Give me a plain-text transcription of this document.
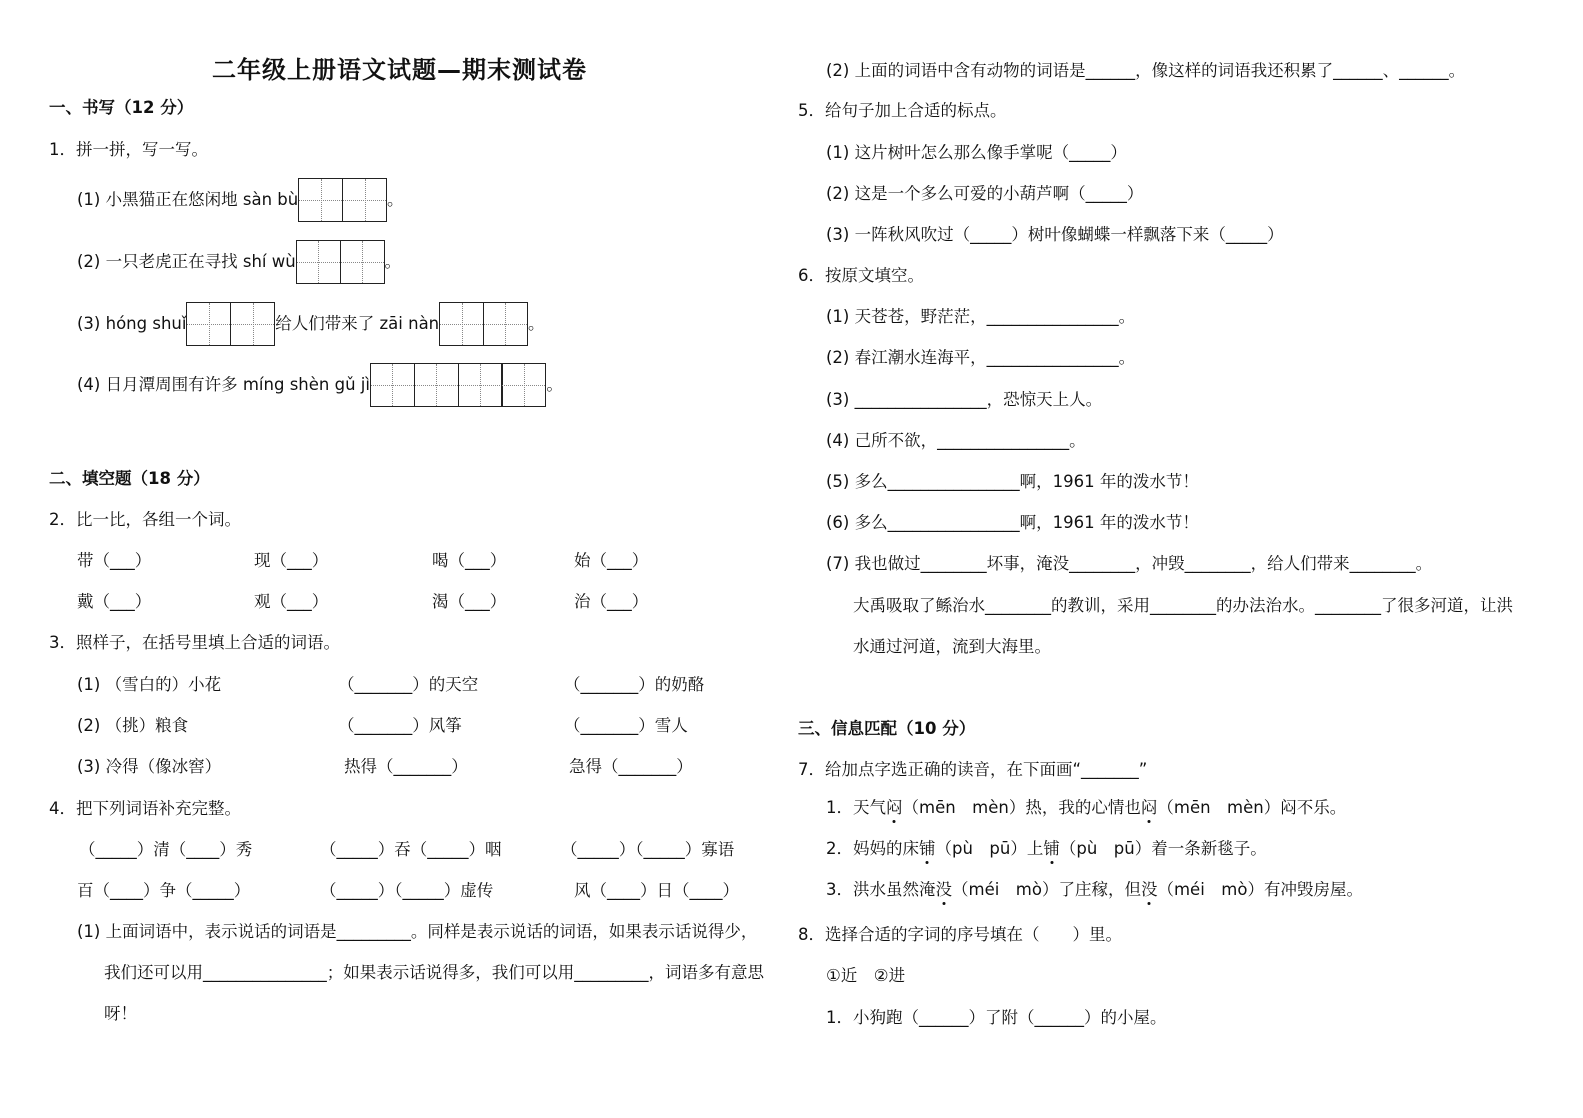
二年级上册语文试题—期末测试卷
一、书写（12 分）
1．拼一拼，写一写。
(1) 小黑猫正在悠闲地 sàn bù	。
(2) 一只老虎正在寻找 shí wù	。
(3) hóng shuǐ	给人们带来了 zāi nàn	。
(4) 日月潭周围有许多 míng shèn gǔ jì	。
二、填空题（18 分）
2．比一比，各组一个词。
带（___）	现（___）	喝（___）	始（___）
戴（___）	观（___）	渴（___）	治（___）
3．照样子，在括号里填上合适的词语。
(1) （雪白的）小花	（_______）的天空	（_______）的奶酪
(2) （挑）粮食	（_______）风筝	（_______）雪人
(3) 冷得（像冰窖）	热得（_______）	急得（_______）
4．把下列词语补充完整。
（_____）清（____）秀	（_____）吞（_____）咽	（_____）（_____）寡语
百（____）争（_____）	（_____）（_____）虚传	风（____）日（____）
(1) 上面词语中，表示说话的词语是_________。同样是表示说话的词语，如果表示话说得少，
我们还可以用_______________；如果表示话说得多，我们可以用_________，词语多有意思
呀！
(2) 上面的词语中含有动物的词语是______，像这样的词语我还积累了______、______。
5．给句子加上合适的标点。
(1) 这片树叶怎么那么像手掌呢（_____）
(2) 这是一个多么可爱的小葫芦啊（_____）
(3) 一阵秋风吹过（_____）树叶像蝴蝶一样飘落下来（_____）
6．按原文填空。
(1) 天苍苍，野茫茫，________________。
(2) 春江潮水连海平，________________。
(3) ________________，恐惊天上人。
(4) 己所不欲，________________。
(5) 多么________________啊，1961 年的泼水节！
(6) 多么________________啊，1961 年的泼水节！
(7) 我也做过________坏事，淹没________，冲毁________，给人们带来________。
大禹吸取了鲧治水________的教训，采用________的办法治水。________了很多河道，让洪
水通过河道，流到大海里。
三、信息匹配（10 分）
7．给加点字选正确的读音，在下面画“_______”
1．天气闷（mēn　mèn）热，我的心情也闷（mēn　mèn）闷不乐。
2．妈妈的床铺（pù　pū）上铺（pù　pū）着一条新毯子。
3．洪水虽然淹没（méi　mò）了庄稼，但没（méi　mò）有冲毁房屋。
8．选择合适的字词的序号填在（　　）里。
①近　②进
1．小狗跑（______）了附（______）的小屋。
